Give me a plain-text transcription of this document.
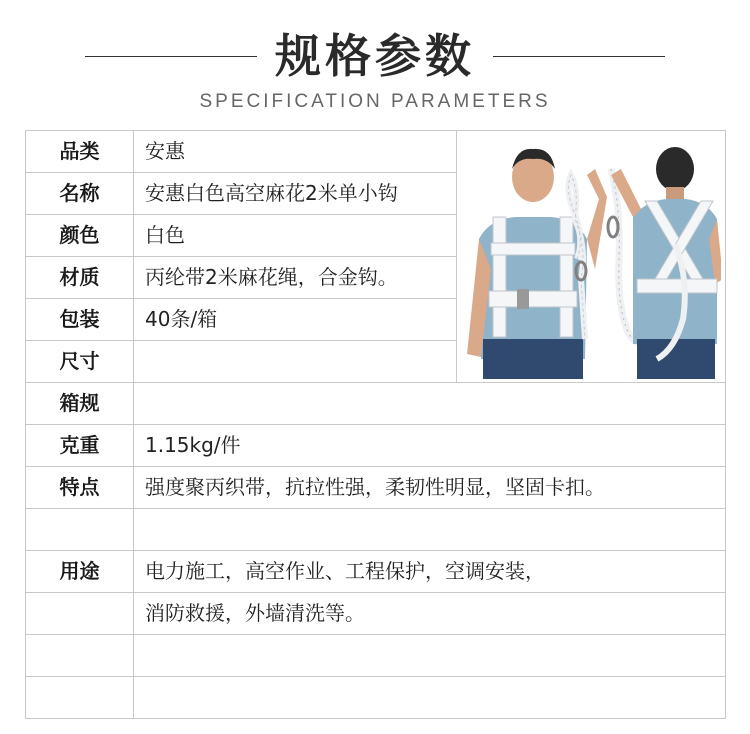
规格参数
SPECIFICATION PARAMETERS
品类	安惠
名称	安惠白色高空麻花2米单小钩
颜色	白色
材质	丙纶带2米麻花绳，合金钩。
包装	40条/箱
尺寸
箱规
克重	1.15kg/件
特点	强度聚丙织带，抗拉性强，柔韧性明显，坚固卡扣。
用途	电力施工，高空作业、工程保护，空调安装，
消防救援，外墙清洗等。
